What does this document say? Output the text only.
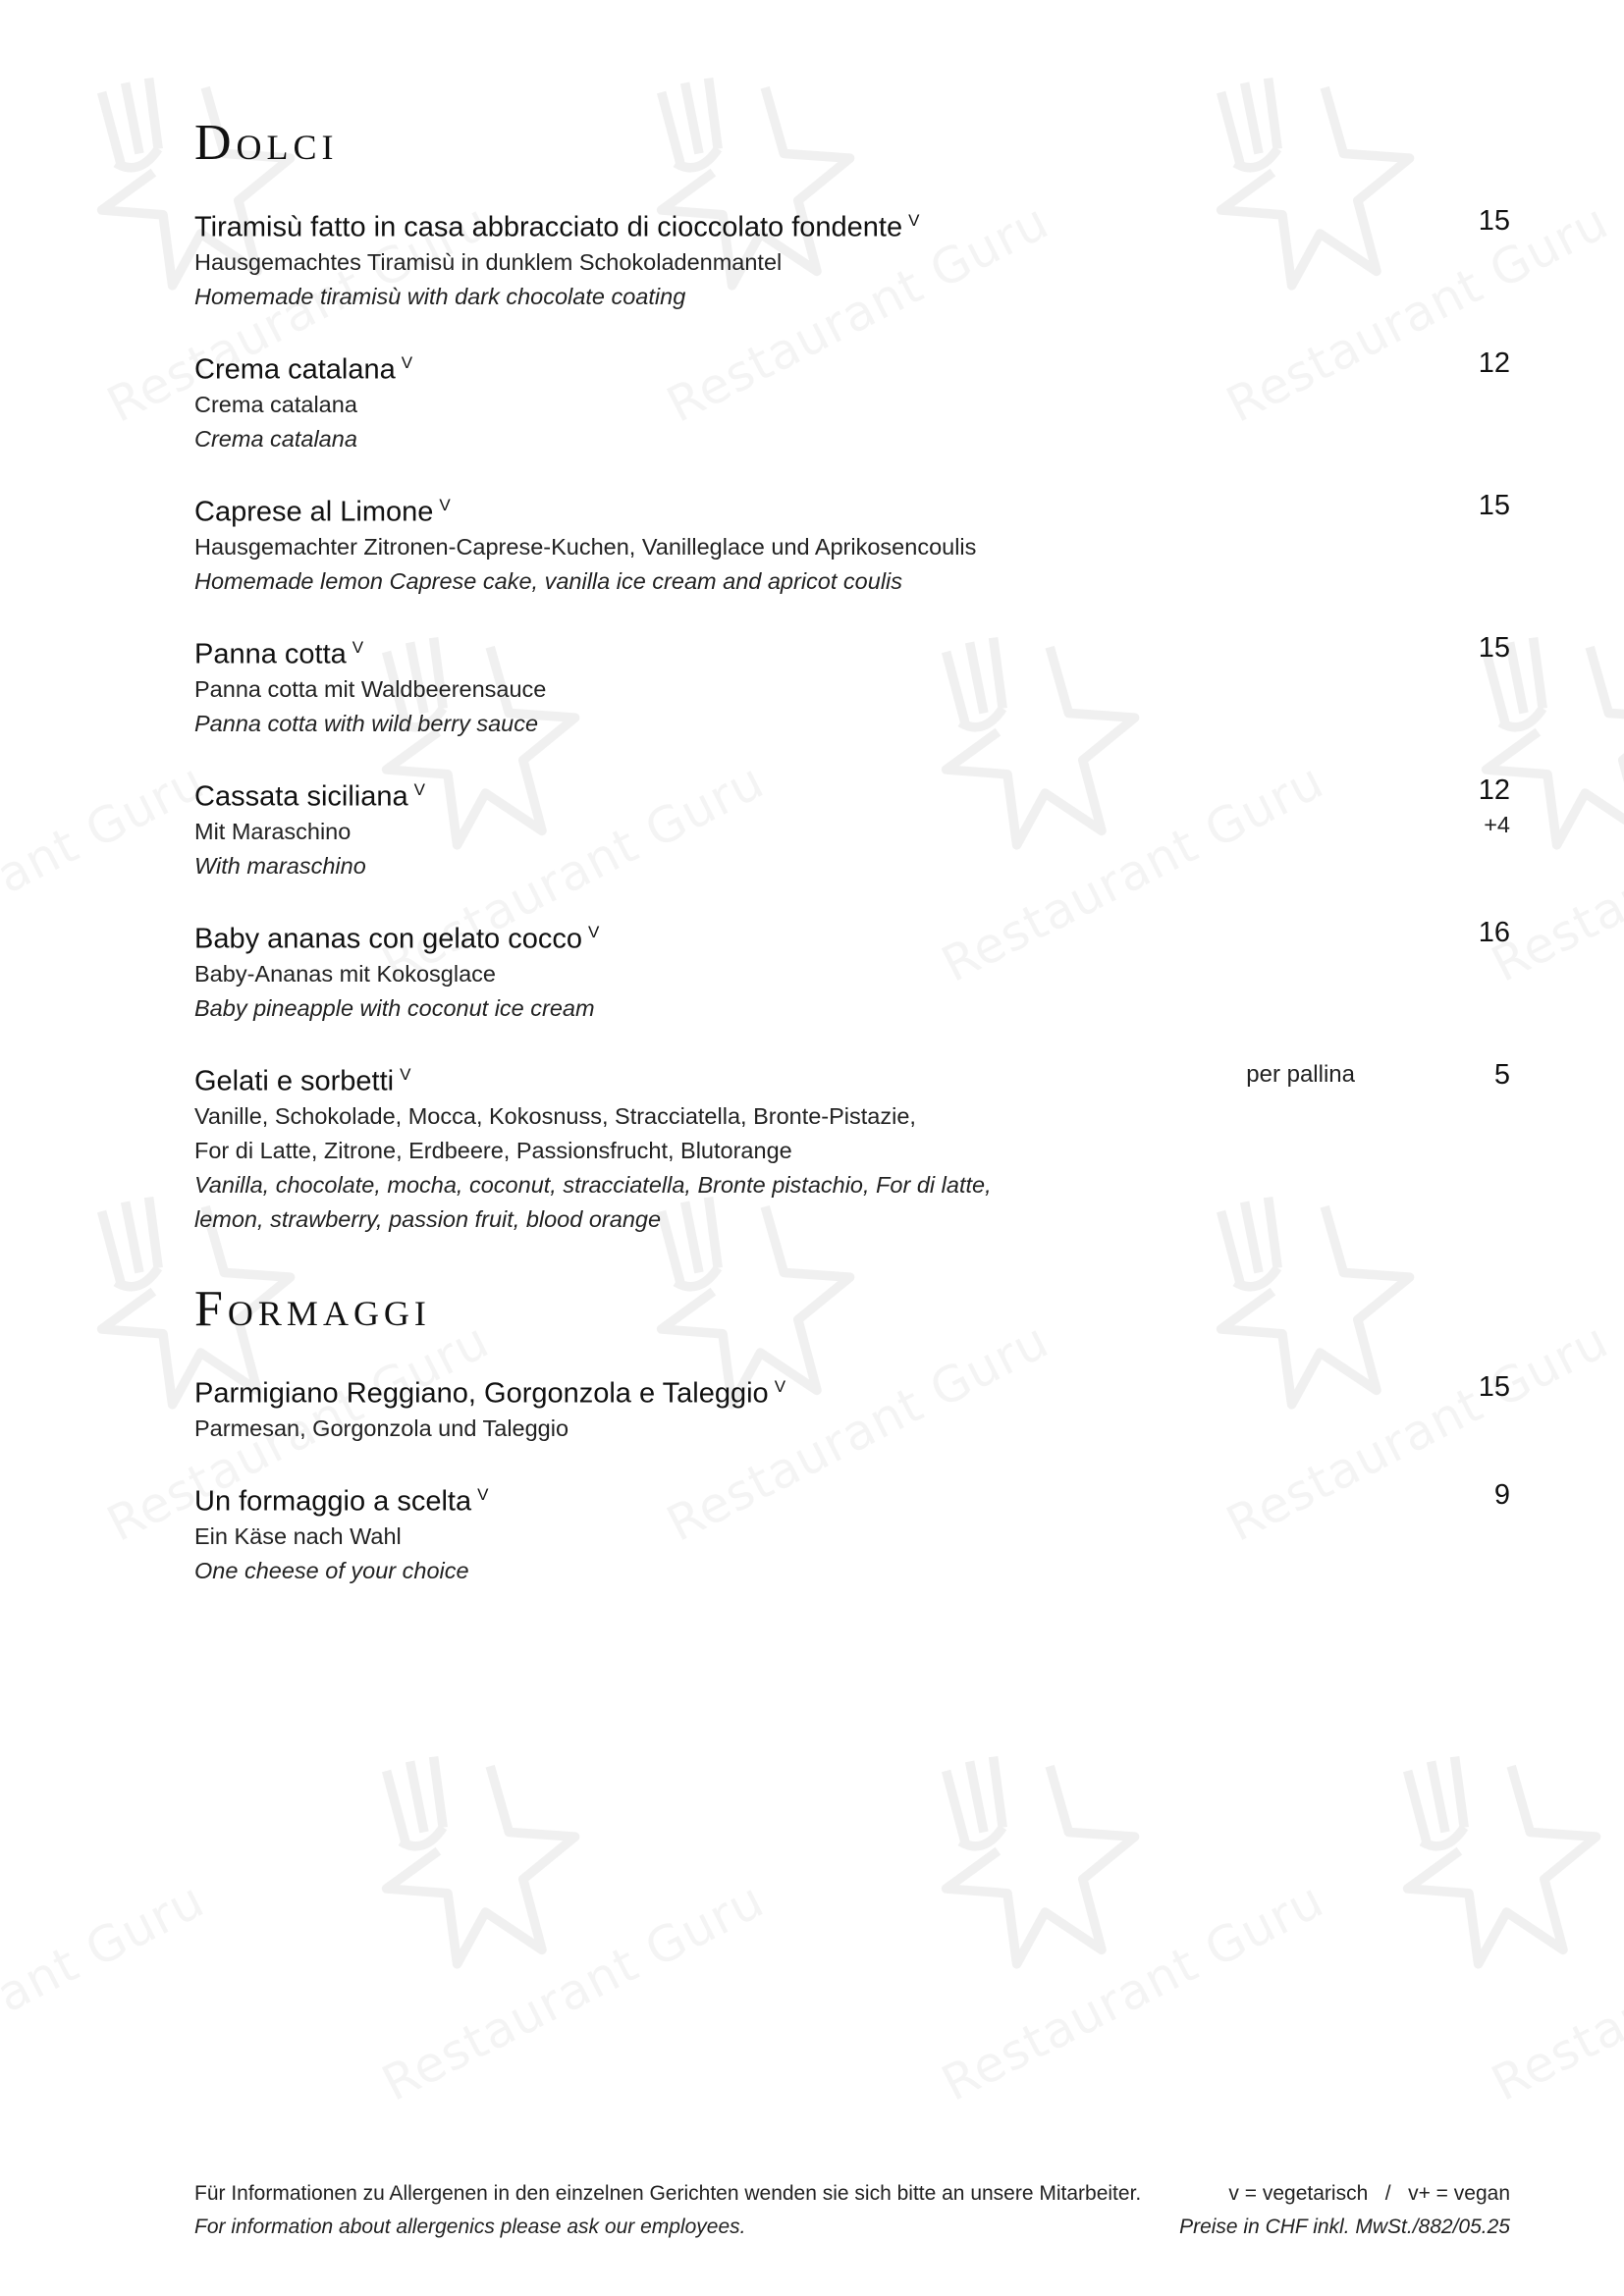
Dolci
Tiramisù fatto in casa abbracciato di cioccolato fondente $^V$
Hausgemachtes Tiramisù in dunklem Schokoladenmantel
Homemade tiramisù with dark chocolate coating
15
Crema catalana $^V$
Crema catalana
Crema catalana
12
Caprese al Limone $^V$
Hausgemachter Zitronen-Caprese-Kuchen, Vanilleglace und Aprikosencoulis
Homemade lemon Caprese cake, vanilla ice cream and apricot coulis
15
Panna cotta $^V$
Panna cotta mit Waldbeerensauce
Panna cotta with wild berry sauce
15
Cassata siciliana $^V$
Mit Maraschino
With maraschino
12
+4
Baby ananas con gelato cocco $^V$
Baby-Ananas mit Kokosglace
Baby pineapple with coconut ice cream
16
Gelati e sorbetti $^V$
Vanille, Schokolade, Mocca, Kokosnuss, Stracciatella, Bronte-Pistazie,
For di Latte, Zitrone, Erdbeere, Passionsfrucht, Blutorange
Vanilla, chocolate, mocha, coconut, stracciatella, Bronte pistachio, For di latte,
lemon, strawberry, passion fruit, blood orange
per pallina	5
Formaggi
Parmigiano Reggiano, Gorgonzola e Taleggio $^V$
Parmesan, Gorgonzola und Taleggio
15
Un formaggio a scelta $^V$
Ein Käse nach Wahl
One cheese of your choice
9
Für Informationen zu Allergenen in den einzelnen Gerichten wenden sie sich bitte an unsere Mitarbeiter.	v = vegetarisch   /   v+ = vegan
For information about allergenics please ask our employees.	Preise in CHF inkl. MwSt./882/05.25
